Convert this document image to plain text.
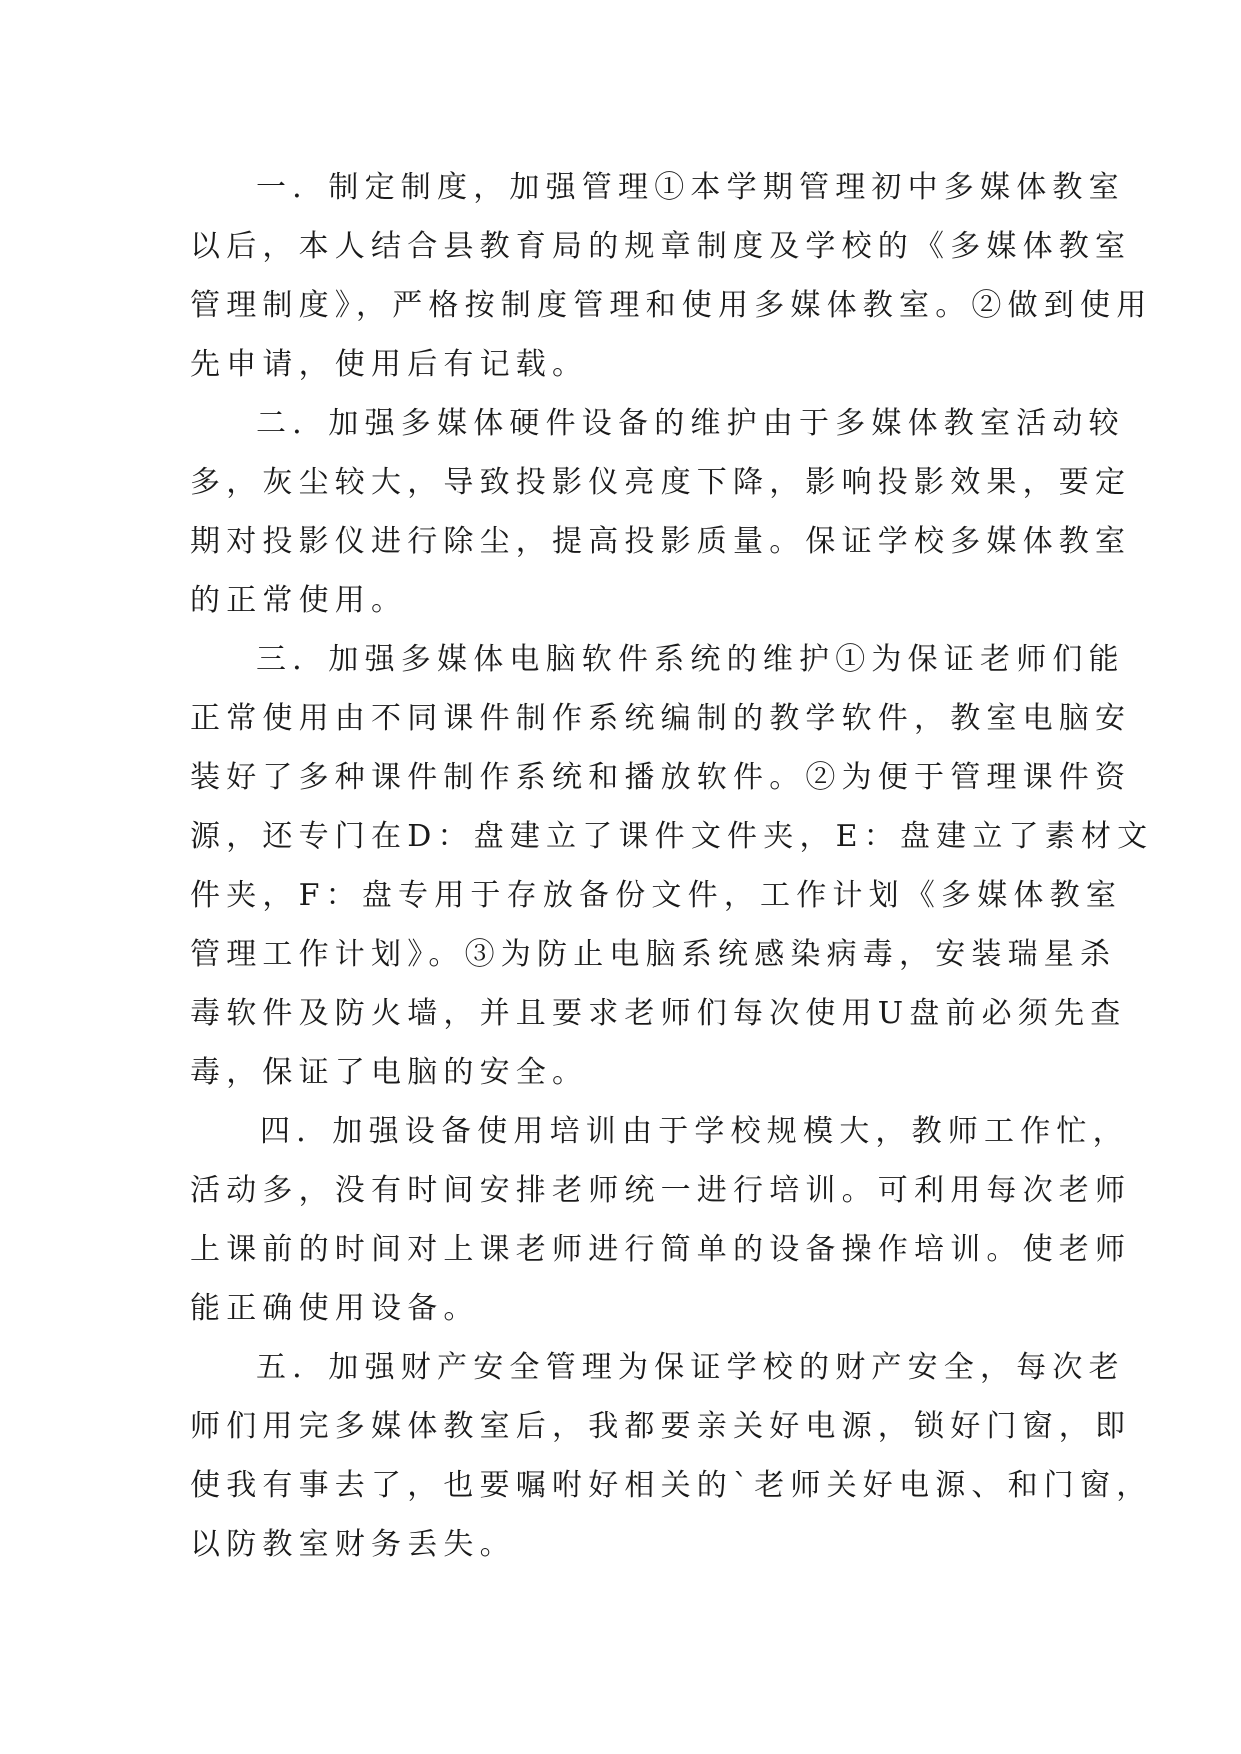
一．制定制度，加强管理①本学期管理初中多媒体教室
以后，本人结合县教育局的规章制度及学校的《多媒体教室
管理制度》，严格按制度管理和使用多媒体教室。②做到使用
先申请，使用后有记载。
二．加强多媒体硬件设备的维护由于多媒体教室活动较
多，灰尘较大，导致投影仪亮度下降，影响投影效果，要定
期对投影仪进行除尘，提高投影质量。保证学校多媒体教室
的正常使用。
三．加强多媒体电脑软件系统的维护①为保证老师们能
正常使用由不同课件制作系统编制的教学软件，教室电脑安
装好了多种课件制作系统和播放软件。②为便于管理课件资
源，还专门在D：盘建立了课件文件夹，E：盘建立了素材文
件夹，F：盘专用于存放备份文件，工作计划《多媒体教室
管理工作计划》。③为防止电脑系统感染病毒，安装瑞星杀
毒软件及防火墙，并且要求老师们每次使用U盘前必须先查
毒，保证了电脑的安全。
四．加强设备使用培训由于学校规模大，教师工作忙，
活动多，没有时间安排老师统一进行培训。可利用每次老师
上课前的时间对上课老师进行简单的设备操作培训。使老师
能正确使用设备。
五．加强财产安全管理为保证学校的财产安全，每次老
师们用完多媒体教室后，我都要亲关好电源，锁好门窗，即
使我有事去了，也要嘱咐好相关的`老师关好电源、和门窗，
以防教室财务丢失。
